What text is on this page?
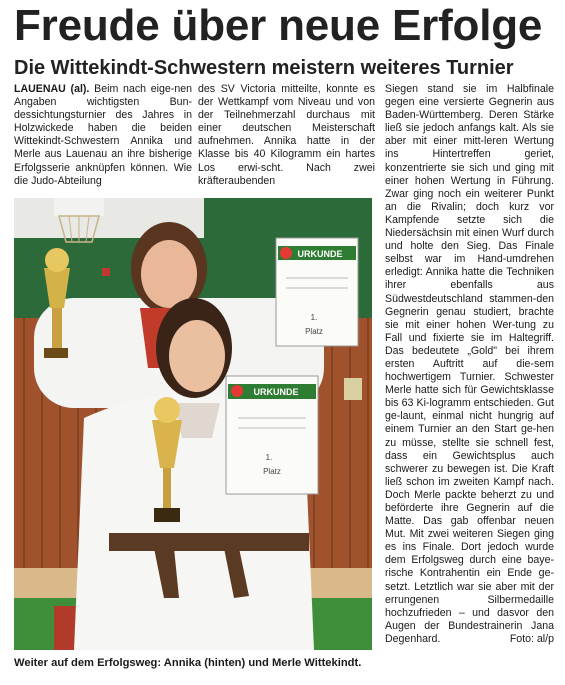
Freude über neue Erfolge
Die Wittekindt-Schwestern meistern weiteres Turnier
LAUENAU (al). Beim nach eige-nen Angaben wichtigsten Bun-dessichtungsturnier des Jahres in Holzwickede haben die beiden Wittekindt-Schwestern Annika und Merle aus Lauenau an ihre bisherige Erfolgsserie anknüpfen können. Wie die Judo-Abteilung
des SV Victoria mitteilte, konnte es der Wettkampf vom Niveau und von der Teilnehmerzahl durchaus mit einer deutschen Meisterschaft aufnehmen. Annika hatte in der Klasse bis 40 Kilogramm ein hartes Los erwi-scht. Nach zwei kräfteraubenden
Siegen stand sie im Halbfinale gegen eine versierte Gegnerin aus Baden-Württemberg. Deren Stärke ließ sie jedoch anfangs kalt. Als sie aber mit einer mitt-leren Wertung ins Hintertreffen geriet, konzentrierte sie sich und ging mit einer hohen Wertung in Führung. Zwar ging noch ein weiterer Punkt an die Rivalin; doch kurz vor Kampfende setzte sich die Niedersächsin mit einen Wurf durch und holte den Sieg. Das Finale selbst war im Hand-umdrehen erledigt: Annika hatte die Techniken ihrer ebenfalls aus Südwestdeutschland stammen-den Gegnerin genau studiert, brachte sie mit einer hohen Wer-tung zu Fall und fixierte sie im Haltegriff. Das bedeutete „Gold" bei ihrem ersten Auftritt auf die-sem hochwertigem Turnier. Schwester Merle hatte sich für Gewichtsklasse bis 63 Ki-logramm entschieden. Gut ge-launt, einmal nicht hungrig auf einem Turnier an den Start ge-hen zu müsse, stellte sie schnell fest, dass ein Gewichtsplus auch schwerer zu bewegen ist. Die Kraft ließ schon im zweiten Kampf nach. Doch Merle packte beherzt zu und beförderte ihre Gegnerin auf die Matte. Das gab offenbar neuen Mut. Mit zwei weiteren Siegen ging es ins Finale. Dort jedoch wurde dem Erfolgsweg durch eine baye-rische Kontrahentin ein Ende ge-setzt. Letztlich war sie aber mit der errungenen Silbermedaille hochzufrieden – und dasvor den Augen der Bundestrainerin Jana Degenhard.	Foto: al/p
URKUNDE
1.
Platz
URKUNDE
1.
Platz
Weiter auf dem Erfolgsweg: Annika (hinten) und Merle Wittekindt.
